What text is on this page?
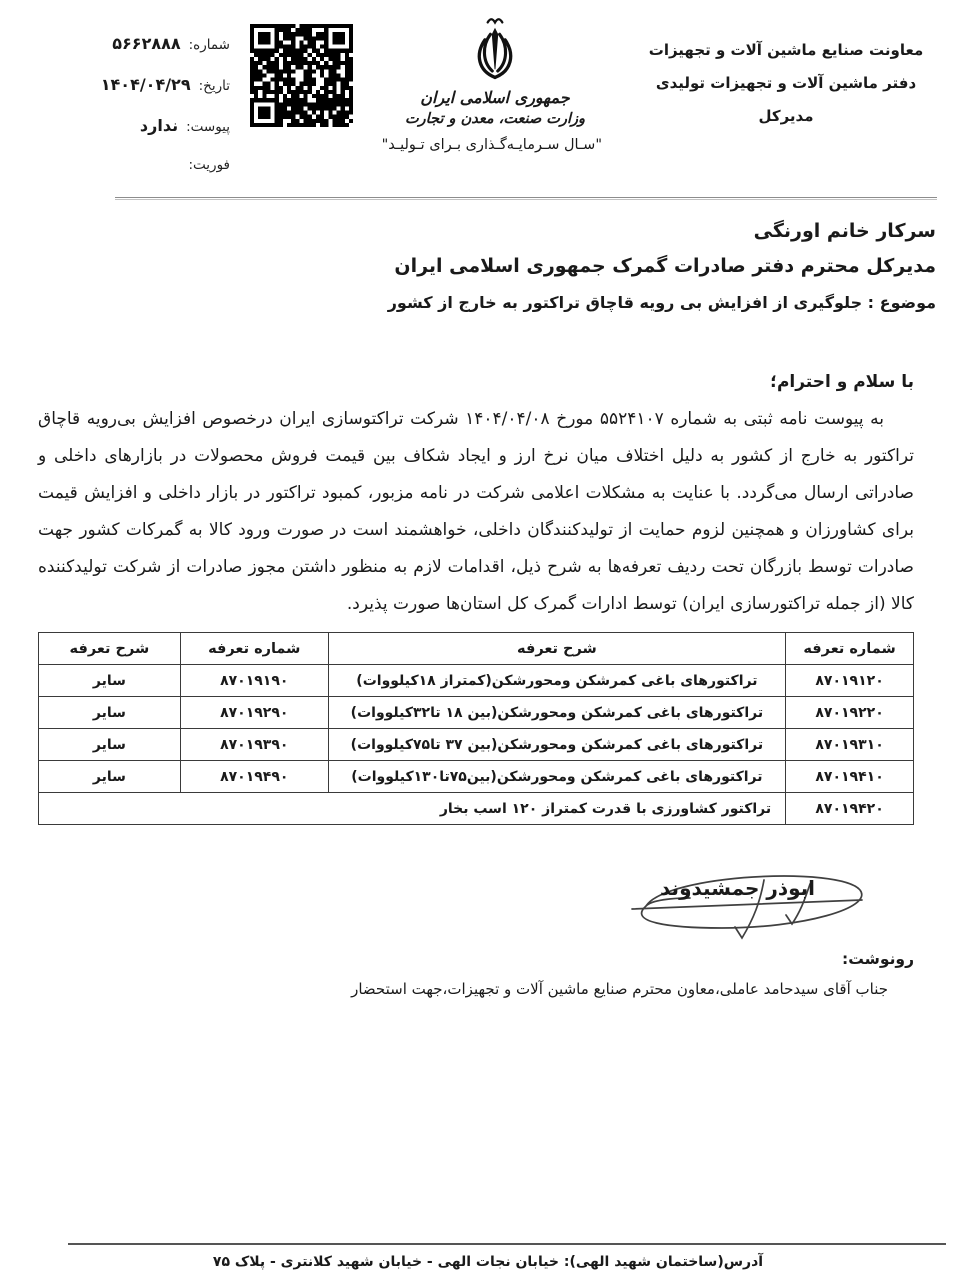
معاونت صنایع ماشین آلات و تجهیزات
دفتر ماشین آلات و تجهیزات تولیدی
مدیرکل
جمهوری اسلامی ایران
وزارت صنعت، معدن و تجارت
"سـال سـرمایـه‌گـذاری بـرای تـولیـد"
شماره:
۵۶۶۲۸۸۸
تاریخ:
۱۴۰۴/۰۴/۲۹
پیوست:
ندارد
فوریت:
سرکار خانم اورنگی
مدیرکل محترم دفتر صادرات گمرک جمهوری اسلامی ایران
موضوع : جلوگیری از افزایش بی رویه قاچاق تراکتور به خارج از کشور
با سلام و احترام؛
به پیوست نامه ثبتی به شماره ۵۵۲۴۱۰۷ مورخ ۱۴۰۴/۰۴/۰۸ شرکت تراکتوسازی ایران درخصوص افزایش بی‌رویه قاچاق تراکتور به خارج از کشور به دلیل اختلاف میان نرخ ارز و ایجاد شکاف بین قیمت فروش محصولات در بازارهای داخلی و صادراتی ارسال می‌گردد. با عنایت به مشکلات اعلامی شرکت در نامه مزبور، کمبود تراکتور در بازار داخلی و افزایش قیمت برای کشاورزان و همچنین لزوم حمایت از تولیدکنندگان داخلی، خواهشمند است در صورت ورود کالا به گمرکات کشور جهت صادرات توسط بازرگان تحت ردیف تعرفه‌ها به شرح ذیل، اقدامات لازم به منظور داشتن مجوز صادرات از شرکت تولیدکننده کالا (از جمله تراکتورسازی ایران) توسط ادارات گمرک کل استان‌ها صورت پذیرد.
شماره تعرفه	شرح تعرفه	شماره تعرفه	شرح تعرفه
۸۷۰۱۹۱۲۰	تراکتورهای باغی کمرشکن ومحورشکن(کمتراز ۱۸کیلووات)	۸۷۰۱۹۱۹۰	سایر
۸۷۰۱۹۲۲۰	تراکتورهای باغی کمرشکن ومحورشکن(بین ۱۸ تا۳۲کیلووات)	۸۷۰۱۹۲۹۰	سایر
۸۷۰۱۹۳۱۰	تراکتورهای باغی کمرشکن ومحورشکن(بین ۳۷ تا۷۵کیلووات)	۸۷۰۱۹۳۹۰	سایر
۸۷۰۱۹۴۱۰	تراکتورهای باغی کمرشکن ومحورشکن(بین۷۵تا۱۳۰کیلووات)	۸۷۰۱۹۴۹۰	سایر
۸۷۰۱۹۴۲۰	تراکتور کشاورزی با قدرت کمتراز ۱۲۰ اسب بخار		
ابوذر جمشیدوند
رونوشت:
جناب آقای سیدحامد عاملی،معاون محترم صنایع ماشین آلات و تجهیزات،جهت استحضار
آدرس(ساختمان شهید الهی): خیابان نجات الهی - خیابان شهید کلانتری - پلاک ۷۵
